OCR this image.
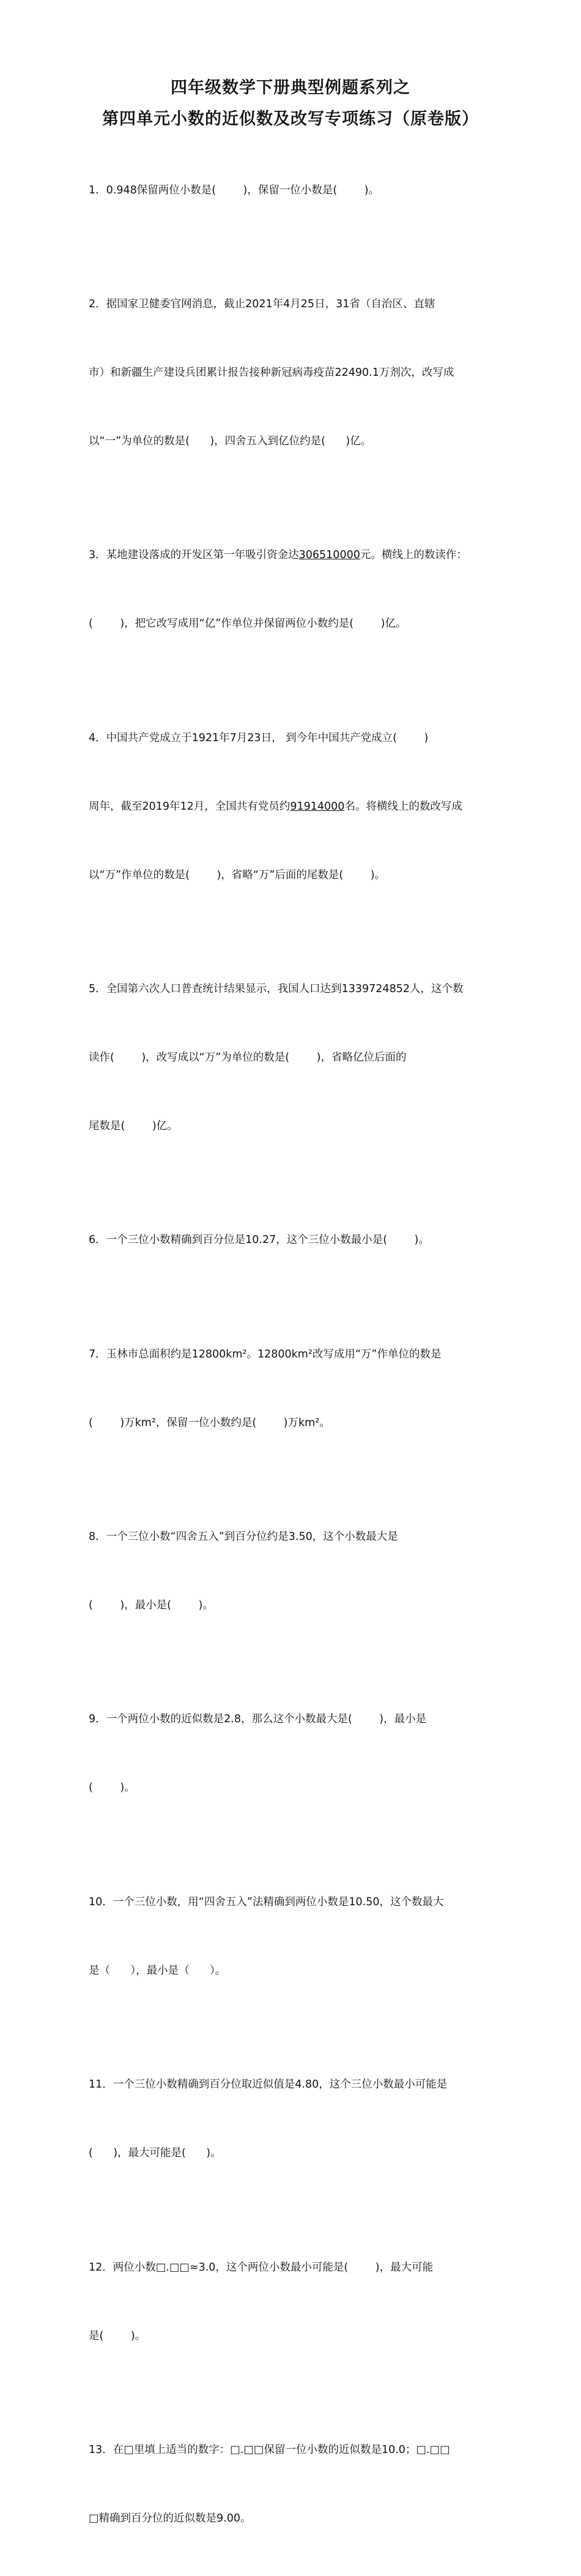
四年级数学下册典型例题系列之
第四单元小数的近似数及改写专项练习（原卷版）

1．0.948保留两位小数是(        )，保留一位小数是(        )。

2．据国家卫健委官网消息，截止2021年4月25日，31省（自治区、直辖

市）和新疆生产建设兵团累计报告接种新冠病毒疫苗22490.1万剂次，改写成

以“一”为单位的数是(      )，四舍五入到亿位约是(      )亿。

3．某地建设落成的开发区第一年吸引资金达306510000元。横线上的数读作：

(        )，把它改写成用“亿”作单位并保留两位小数约是(        )亿。

4．中国共产党成立于1921年7月23日， 到今年中国共产党成立(        )

周年，截至2019年12月，全国共有党员约91914000名。将横线上的数改写成

以“万”作单位的数是(        )，省略“万”后面的尾数是(        )。

5．全国第六次人口普查统计结果显示，我国人口达到1339724852人，这个数

读作(        )，改写成以“万”为单位的数是(        )，省略亿位后面的

尾数是(        )亿。

6．一个三位小数精确到百分位是10.27，这个三位小数最小是(        )。

7．玉林市总面积约是12800km²。12800km²改写成用“万”作单位的数是

(        )万km²，保留一位小数约是(        )万km²。

8．一个三位小数“四舍五入”到百分位约是3.50，这个小数最大是

(        )，最小是(        )。

9．一个两位小数的近似数是2.8，那么这个小数最大是(        )，最小是

(        )。

10．一个三位小数，用“四舍五入”法精确到两位小数是10.50，这个数最大

是（      ），最小是（      ）。

11．一个三位小数精确到百分位取近似值是4.80，这个三位小数最小可能是

(      )，最大可能是(      )。

12．两位小数□.□□≈3.0，这个两位小数最小可能是(        )，最大可能

是(        )。

13．在□里填上适当的数字：□.□□保留一位小数的近似数是10.0；□.□□

□精确到百分位的近似数是9.00。
